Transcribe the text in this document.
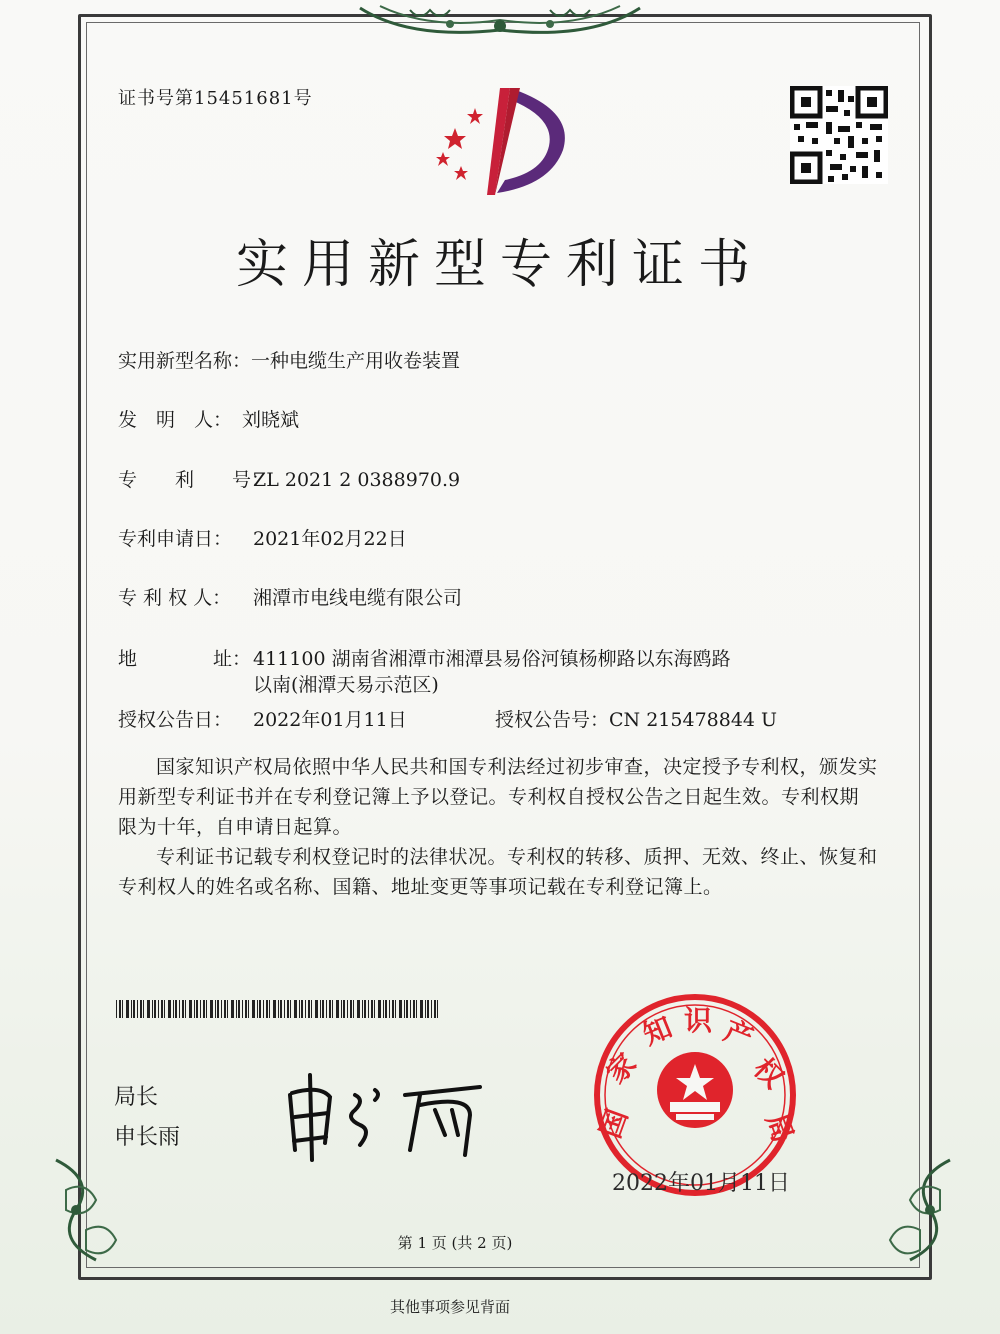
证书号第15451681号
实用新型专利证书
实用新型名称：一种电缆生产用收卷装置
发　明　人： 刘晓斌
专　　利　　号：ZL 2021 2 0388970.9
专利申请日： 2021年02月22日
专 利 权 人： 湘潭市电线电缆有限公司
地　　　　址： 411100 湖南省湘潭市湘潭县易俗河镇杨柳路以东海鸥路
以南(湘潭天易示范区)
授权公告日： 2022年01月11日	授权公告号：CN 215478844 U

国家知识产权局依照中华人民共和国专利法经过初步审查，决定授予专利权，颁发实用新型专利证书并在专利登记簿上予以登记。专利权自授权公告之日起生效。专利权期限为十年，自申请日起算。

专利证书记载专利权登记时的法律状况。专利权的转移、质押、无效、终止、恢复和专利权人的姓名或名称、国籍、地址变更等事项记载在专利登记簿上。

局长
申长雨	国
家
知 识 产
权
局
2022年01月11日
第 1 页 (共 2 页)
其他事项参见背面
